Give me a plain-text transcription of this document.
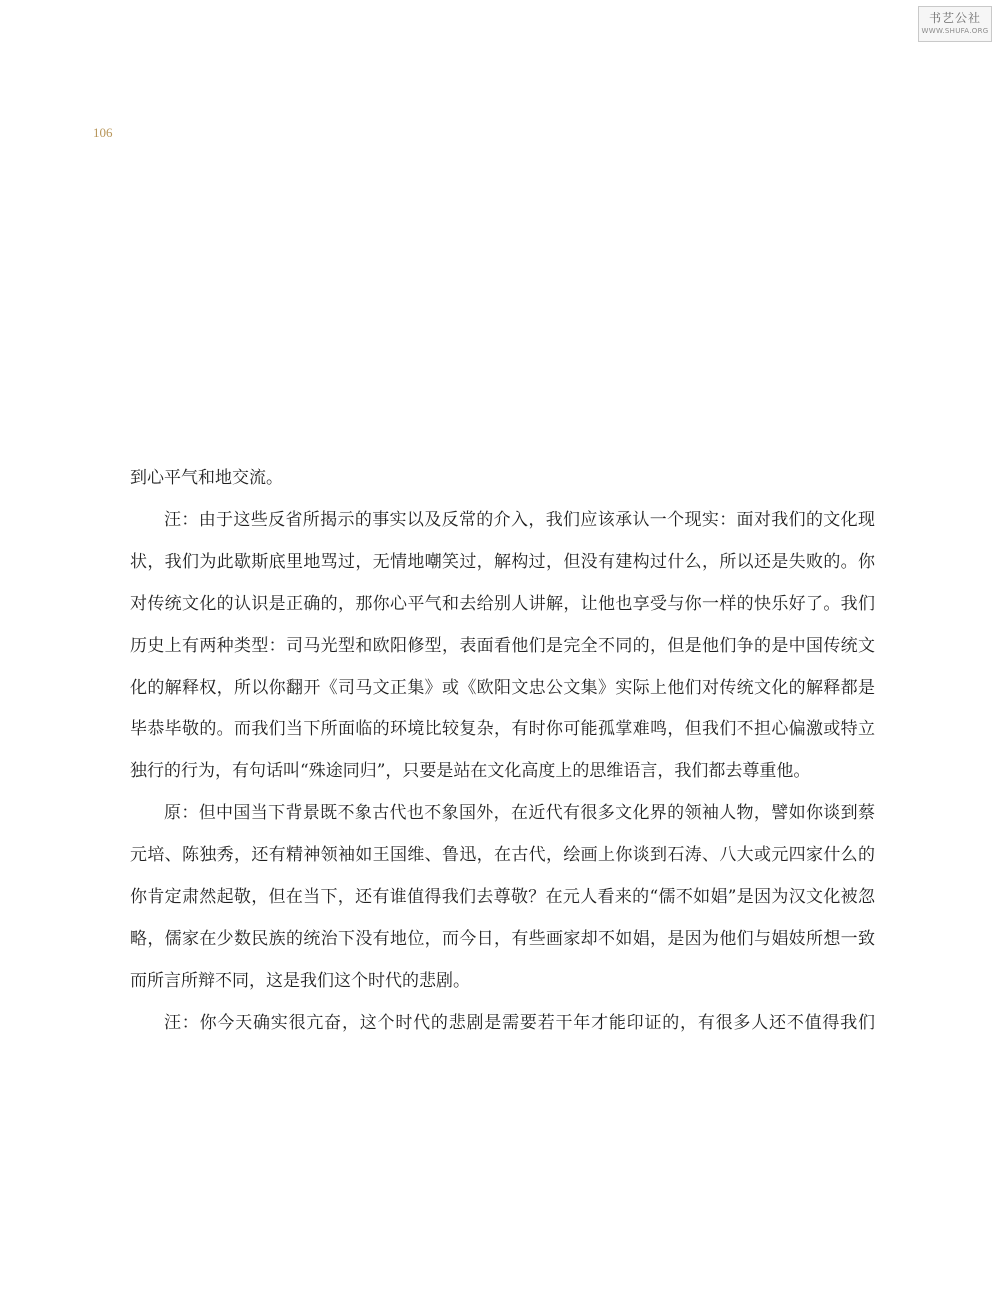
书艺公社
WWW.SHUFA.ORG
106

到心平气和地交流。

汪：由于这些反省所揭示的事实以及反常的介入，我们应该承认一个现实：面对我们的文化现状，我们为此歇斯底里地骂过，无情地嘲笑过，解构过，但没有建构过什么，所以还是失败的。你对传统文化的认识是正确的，那你心平气和去给别人讲解，让他也享受与你一样的快乐好了。我们历史上有两种类型：司马光型和欧阳修型，表面看他们是完全不同的，但是他们争的是中国传统文化的解释权，所以你翻开《司马文正集》或《欧阳文忠公文集》实际上他们对传统文化的解释都是毕恭毕敬的。而我们当下所面临的环境比较复杂，有时你可能孤掌难鸣，但我们不担心偏激或特立独行的行为，有句话叫“殊途同归”，只要是站在文化高度上的思维语言，我们都去尊重他。

原：但中国当下背景既不象古代也不象国外，在近代有很多文化界的领袖人物，譬如你谈到蔡元培、陈独秀，还有精神领袖如王国维、鲁迅，在古代，绘画上你谈到石涛、八大或元四家什么的你肯定肃然起敬，但在当下，还有谁值得我们去尊敬？在元人看来的“儒不如娼”是因为汉文化被忽略，儒家在少数民族的统治下没有地位，而今日，有些画家却不如娼，是因为他们与娼妓所想一致而所言所辩不同，这是我们这个时代的悲剧。

汪：你今天确实很亢奋，这个时代的悲剧是需要若干年才能印证的，有很多人还不值得我们
